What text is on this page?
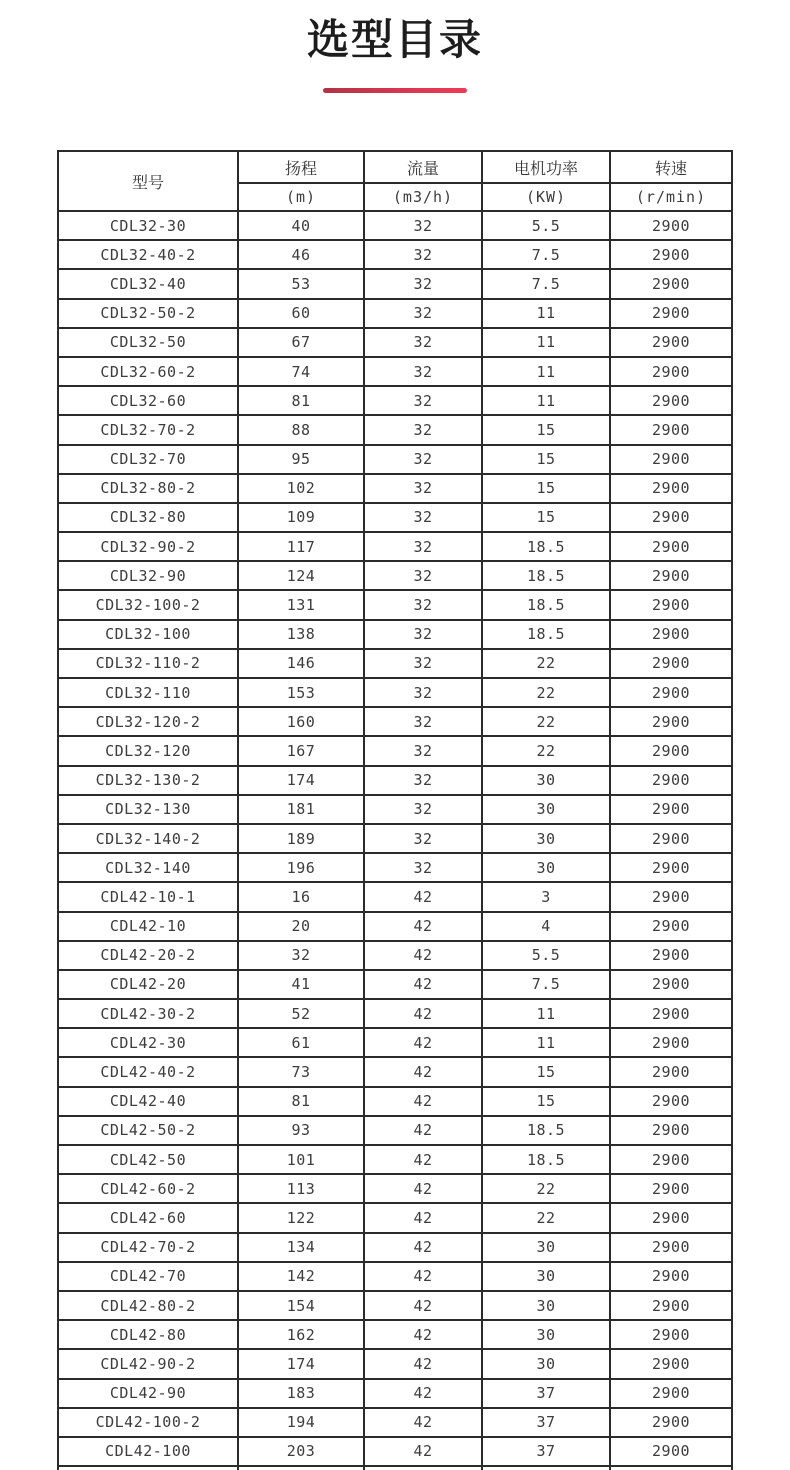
选型目录
型号	扬程	流量	电机功率	转速
	(m)	(m3/h)	(KW)	(r/min)
CDL32-30	40	32	5.5	2900
CDL32-40-2	46	32	7.5	2900
CDL32-40	53	32	7.5	2900
CDL32-50-2	60	32	11	2900
CDL32-50	67	32	11	2900
CDL32-60-2	74	32	11	2900
CDL32-60	81	32	11	2900
CDL32-70-2	88	32	15	2900
CDL32-70	95	32	15	2900
CDL32-80-2	102	32	15	2900
CDL32-80	109	32	15	2900
CDL32-90-2	117	32	18.5	2900
CDL32-90	124	32	18.5	2900
CDL32-100-2	131	32	18.5	2900
CDL32-100	138	32	18.5	2900
CDL32-110-2	146	32	22	2900
CDL32-110	153	32	22	2900
CDL32-120-2	160	32	22	2900
CDL32-120	167	32	22	2900
CDL32-130-2	174	32	30	2900
CDL32-130	181	32	30	2900
CDL32-140-2	189	32	30	2900
CDL32-140	196	32	30	2900
CDL42-10-1	16	42	3	2900
CDL42-10	20	42	4	2900
CDL42-20-2	32	42	5.5	2900
CDL42-20	41	42	7.5	2900
CDL42-30-2	52	42	11	2900
CDL42-30	61	42	11	2900
CDL42-40-2	73	42	15	2900
CDL42-40	81	42	15	2900
CDL42-50-2	93	42	18.5	2900
CDL42-50	101	42	18.5	2900
CDL42-60-2	113	42	22	2900
CDL42-60	122	42	22	2900
CDL42-70-2	134	42	30	2900
CDL42-70	142	42	30	2900
CDL42-80-2	154	42	30	2900
CDL42-80	162	42	30	2900
CDL42-90-2	174	42	30	2900
CDL42-90	183	42	37	2900
CDL42-100-2	194	42	37	2900
CDL42-100	203	42	37	2900
